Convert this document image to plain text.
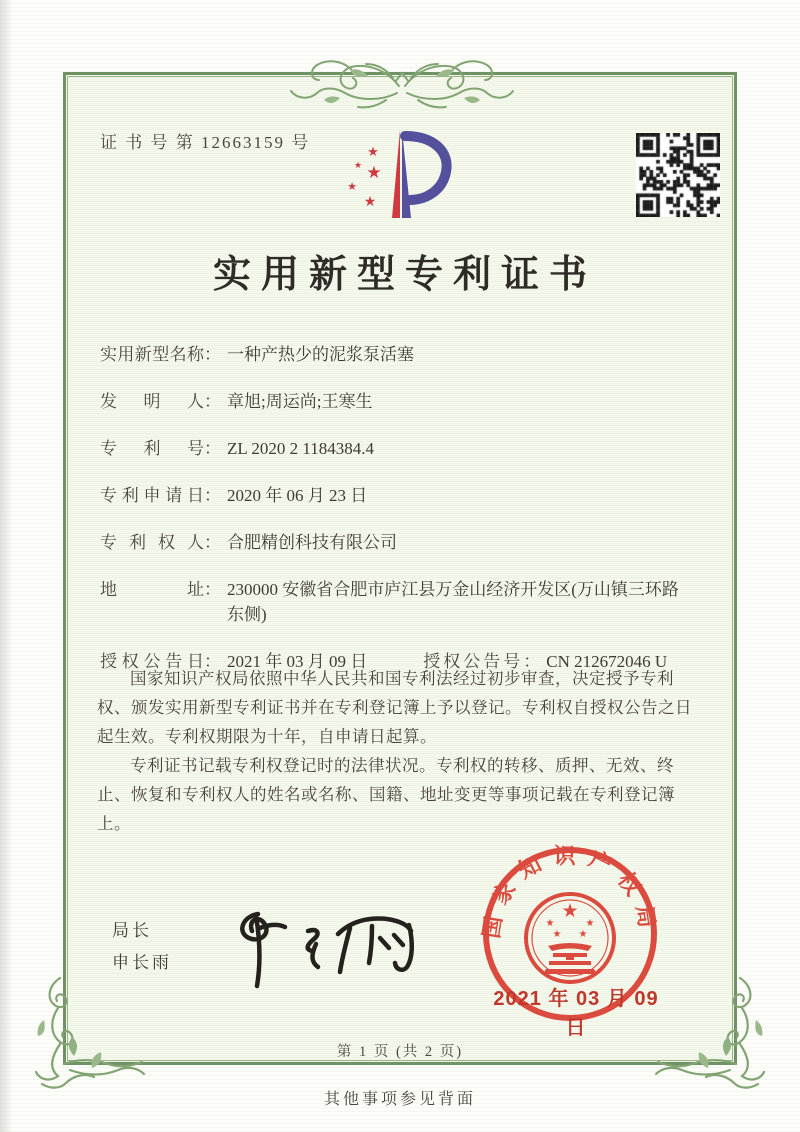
证 书 号 第 12663159 号	★
★ ★
★
★
实用新型专利证书
实用新型名称 ： 一种产热少的泥浆泵活塞
发明人 ： 章旭;周运尚;王寒生
专利号 ： ZL 2020 2 1184384.4
专利申请日 ： 2020 年 06 月 23 日
专利权人 ： 合肥精创科技有限公司
地址 ： 230000 安徽省合肥市庐江县万金山经济开发区(万山镇三环路东侧)
授权公告日 ： 2021 年 03 月 09 日	授权公告号 ： CN 212672046 U

国家知识产权局依照中华人民共和国专利法经过初步审查，决定授予专利权、颁发实用新型专利证书并在专利登记簿上予以登记。专利权自授权公告之日起生效。专利权期限为十年，自申请日起算。

专利证书记载专利权登记时的法律状况。专利权的转移、质押、无效、终止、恢复和专利权人的姓名或名称、国籍、地址变更等事项记载在专利登记簿上。

局长
申长雨
国家知识产权局
★
★	★
★ ★
2021 年 03 月 09 日
第 1 页 (共 2 页)
其他事项参见背面
